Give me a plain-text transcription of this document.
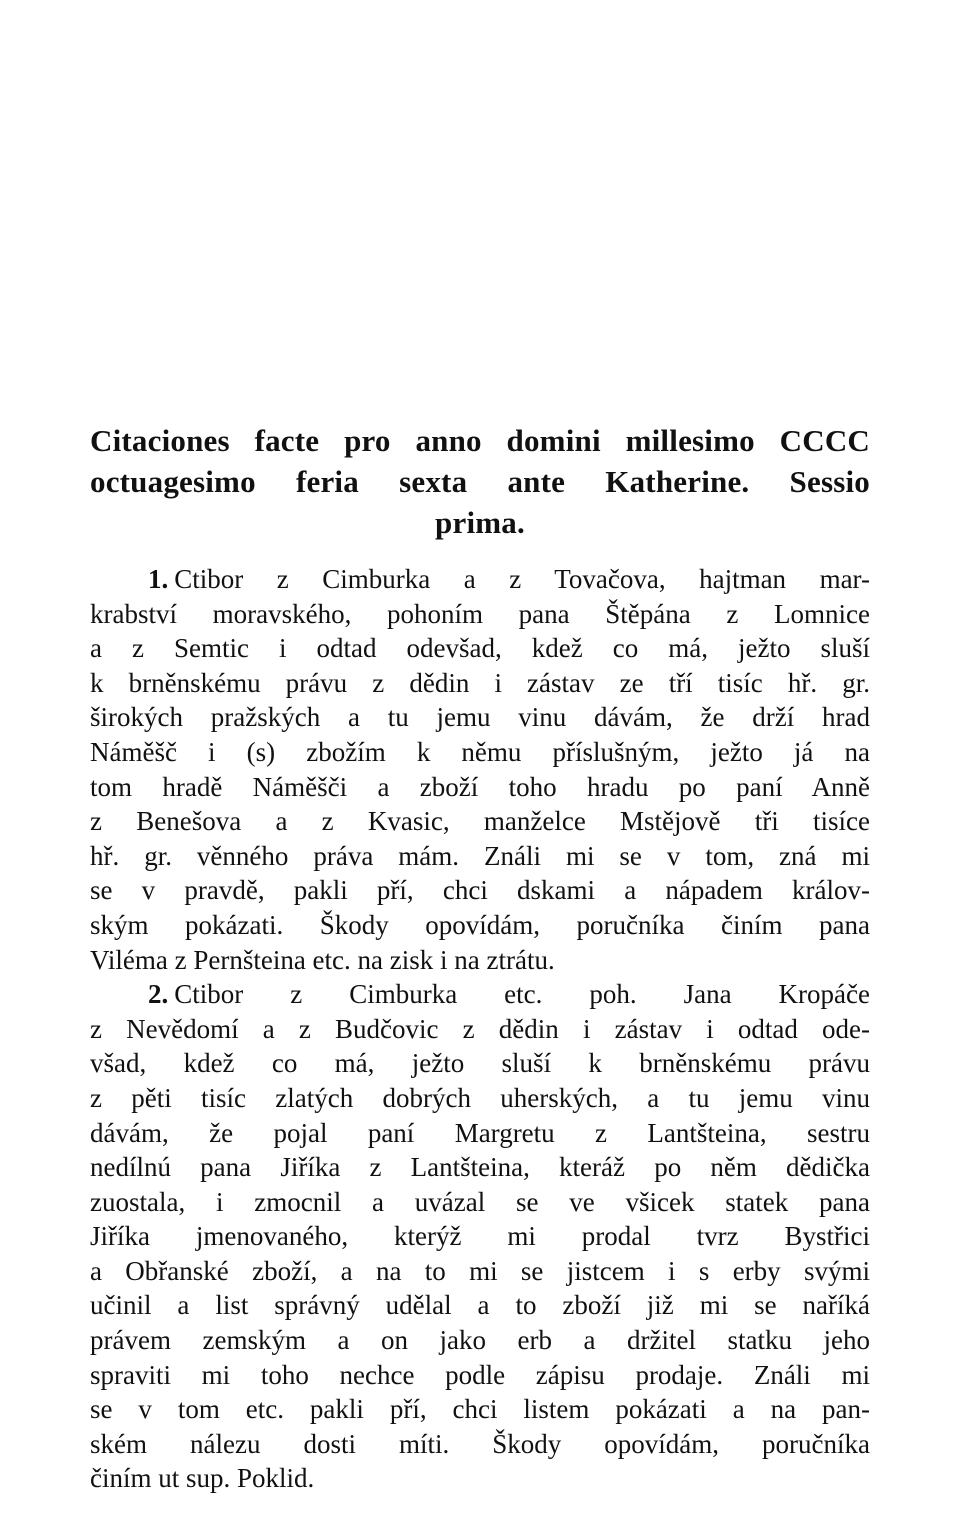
Citaciones facte pro anno domini millesimo CCCC
octuagesimo feria sexta ante Katherine. Sessio
prima.
1. Ctibor z Cimburka a z Tovačova, hajtman mar-
krabství moravského, pohoním pana Štěpána z Lomnice
a z Semtic i odtad odevšad, kdež co má, ježto sluší
k brněnskému právu z dědin i zástav ze tří tisíc hř. gr.
širokých pražských a tu jemu vinu dávám, že drží hrad
Náměšč i (s) zbožím k němu příslušným, ježto já na
tom hradě Náměšči a zboží toho hradu po paní Anně
z Benešova a z Kvasic, manželce Mstějově tři tisíce
hř. gr. věnného práva mám. Ználi mi se v tom, zná mi
se v pravdě, pakli pří, chci dskami a nápadem králov-
ským pokázati. Škody opovídám, poručníka činím pana
Viléma z Pernšteina etc. na zisk i na ztrátu.
2. Ctibor z Cimburka etc. poh. Jana Kropáče
z Nevědomí a z Budčovic z dědin i zástav i odtad ode-
všad, kdež co má, ježto sluší k brněnskému právu
z pěti tisíc zlatých dobrých uherských, a tu jemu vinu
dávám, že pojal paní Margretu z Lantšteina, sestru
nedílnú pana Jiříka z Lantšteina, kteráž po něm dědička
zuostala, i zmocnil a uvázal se ve všicek statek pana
Jiříka jmenovaného, kterýž mi prodal tvrz Bystřici
a Obřanské zboží, a na to mi se jistcem i s erby svými
učinil a list správný udělal a to zboží již mi se naříká
právem zemským a on jako erb a držitel statku jeho
spraviti mi toho nechce podle zápisu prodaje. Ználi mi
se v tom etc. pakli pří, chci listem pokázati a na pan-
ském nálezu dosti míti. Škody opovídám, poručníka
činím ut sup. Poklid.
